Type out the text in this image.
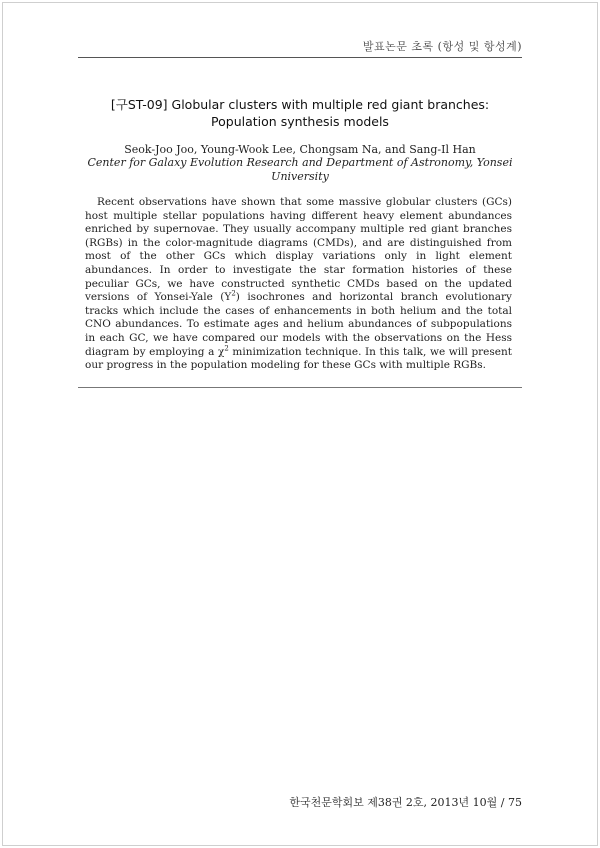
발표논문 초록 (항성 및 항성계)
[구ST-09] Globular clusters with multiple red giant branches: Population synthesis models
Seok-Joo Joo, Young-Wook Lee, Chongsam Na, and Sang-Il Han
Center for Galaxy Evolution Research and Department of Astronomy, Yonsei University

Recent observations have shown that some massive globular clusters (GCs) host multiple stellar populations having different heavy element abundances enriched by supernovae. They usually accompany multiple red giant branches (RGBs) in the color-magnitude diagrams (CMDs), and are distinguished from most of the other GCs which display variations only in light element abundances. In order to investigate the star formation histories of these peculiar GCs, we have constructed synthetic CMDs based on the updated versions of Yonsei-Yale $(Y^2)$ isochrones and horizontal branch evolutionary tracks which include the cases of enhancements in both helium and the total CNO abundances. To estimate ages and helium abundances of subpopulations in each GC, we have compared our models with the observations on the Hess diagram by employing a $\chi^2$ minimization technique. In this talk, we will present our progress in the population modeling for these GCs with multiple RGBs.

한국천문학회보 제38권 2호, 2013년 10월 / 75
